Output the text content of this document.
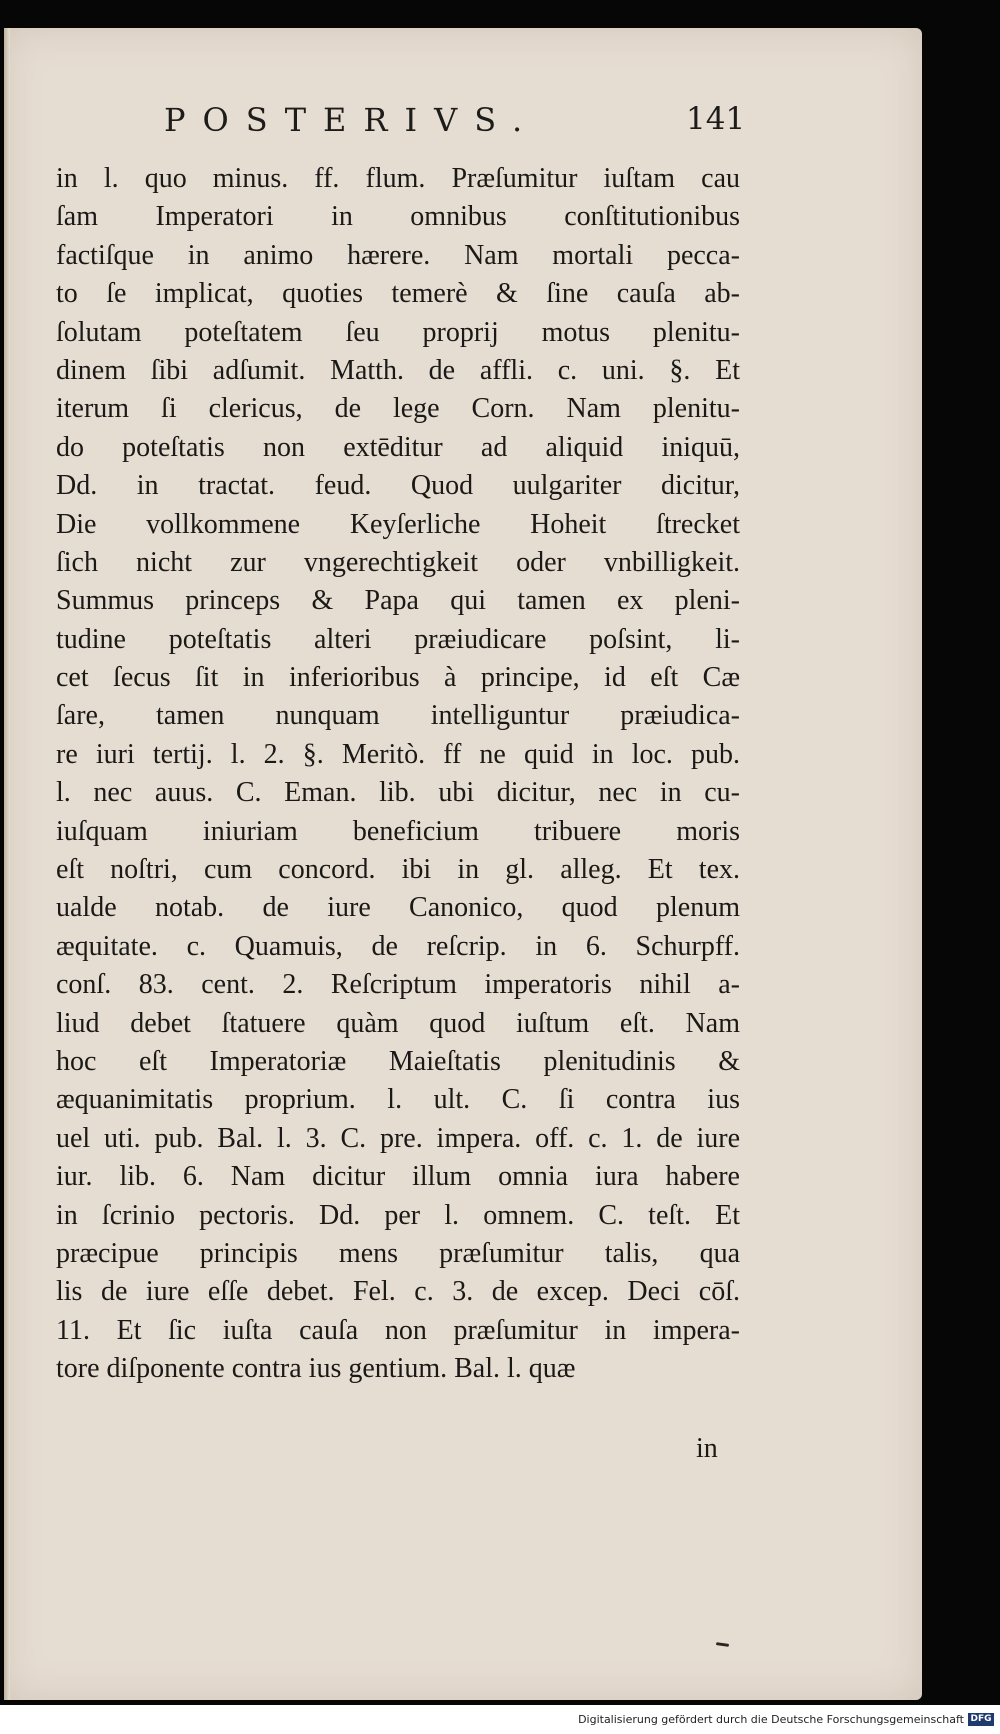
POSTERIVS.	141
in l. quo minus. ff. flum. Præſumitur iuſtam cau
ſam Imperatori in omnibus conſtitutionibus
factiſque in animo hærere. Nam mortali pecca-
to ſe implicat, quoties temerè & ſine cauſa ab-
ſolutam poteſtatem ſeu proprij motus plenitu-
dinem ſibi adſumit. Matth. de affli. c. uni. §. Et
iterum ſi clericus, de lege Corn. Nam plenitu-
do poteſtatis non extēditur ad aliquid iniquū,
Dd. in tractat. feud. Quod uulgariter dicitur,
Die vollkommene Keyſerliche Hoheit ſtrecket
ſich nicht zur vngerechtigkeit oder vnbilligkeit.
Summus princeps & Papa qui tamen ex pleni-
tudine poteſtatis alteri præiudicare poſsint, li-
cet ſecus ſit in inferioribus à principe, id eſt Cæ
ſare, tamen nunquam intelliguntur præiudica-
re iuri tertij. l. 2. §. Meritò. ff ne quid in loc. pub.
l. nec auus. C. Eman. lib. ubi dicitur, nec in cu-
iuſquam iniuriam beneficium tribuere moris
eſt noſtri, cum concord. ibi in gl. alleg. Et tex.
ualde notab. de iure Canonico, quod plenum
æquitate. c. Quamuis, de reſcrip. in 6. Schurpff.
conſ. 83. cent. 2. Reſcriptum imperatoris nihil a-
liud debet ſtatuere quàm quod iuſtum eſt. Nam
hoc eſt Imperatoriæ Maieſtatis plenitudinis &
æquanimitatis proprium. l. ult. C. ſi contra ius
uel uti. pub. Bal. l. 3. C. pre. impera. off. c. 1. de iure
iur. lib. 6. Nam dicitur illum omnia iura habere
in ſcrinio pectoris. Dd. per l. omnem. C. teſt. Et
præcipue principis mens præſumitur talis, qua
lis de iure eſſe debet. Fel. c. 3. de excep. Deci cōſ.
11. Et ſic iuſta cauſa non præſumitur in impera-
tore diſponente contra ius gentium. Bal. l. quæ
in
Digitalisierung gefördert durch die Deutsche Forschungsgemeinschaft DFG
